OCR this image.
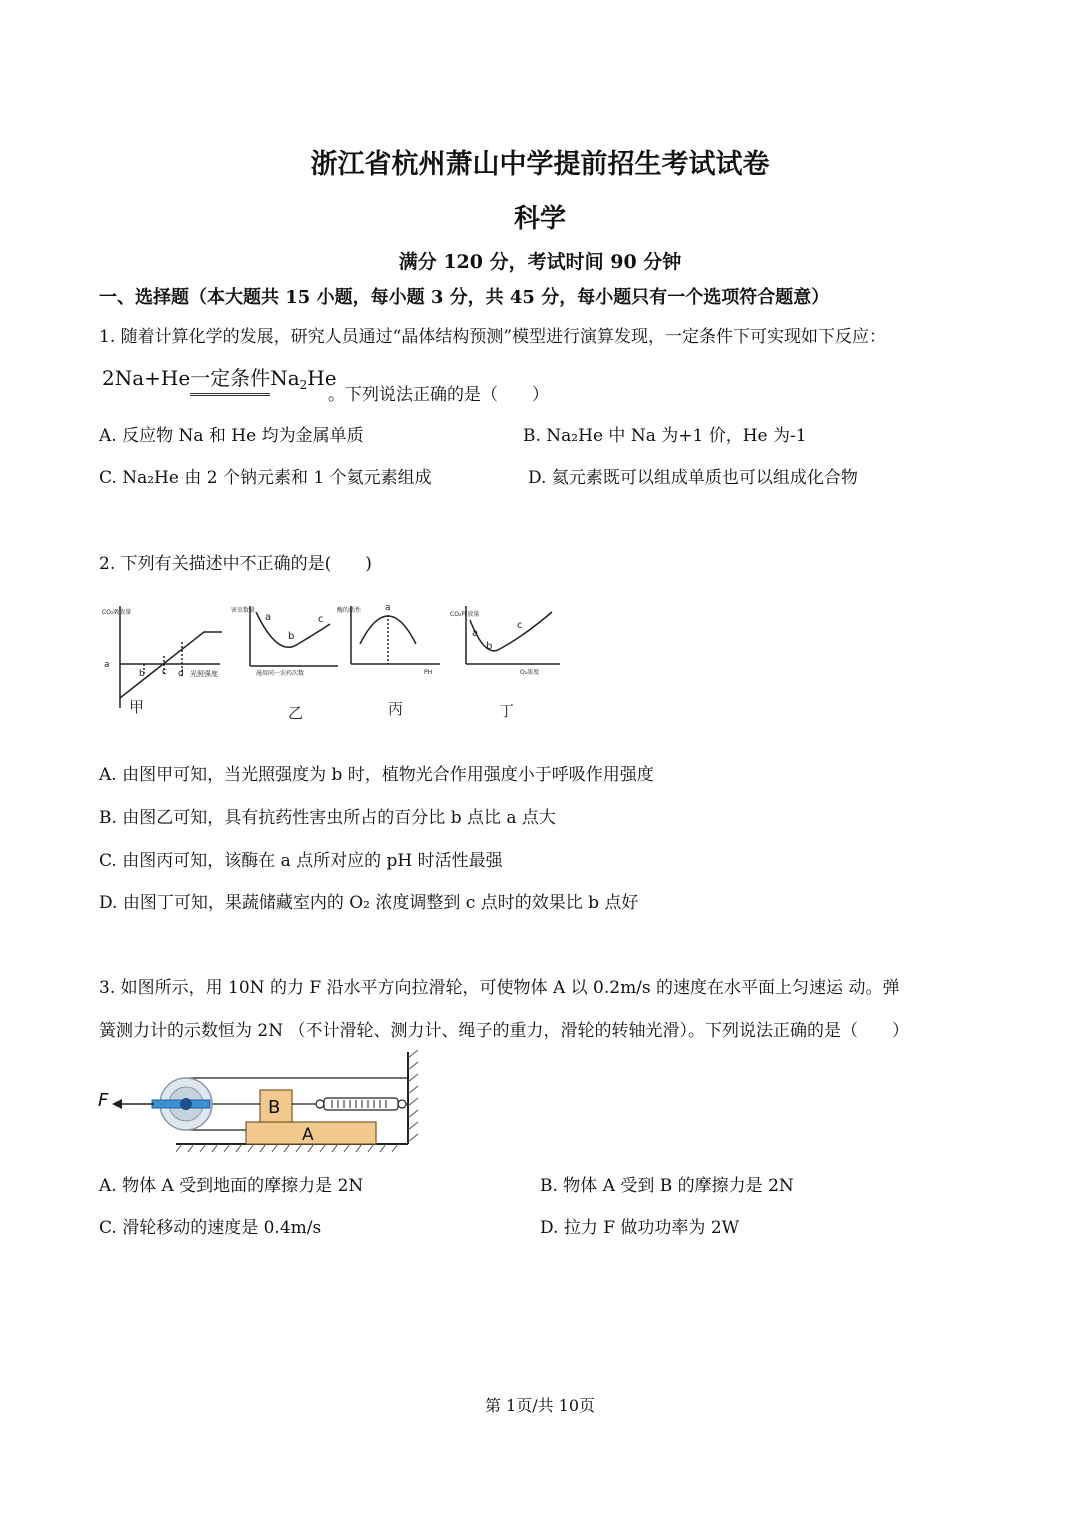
浙江省杭州萧山中学提前招生考试试卷
科学
满分 120 分，考试时间 90 分钟
一、选择题（本大题共 15 小题，每小题 3 分，共 45 分，每小题只有一个选项符合题意）
1. 随着计算化学的发展，研究人员通过“晶体结构预测”模型进行演算发现，一定条件下可实现如下反应：
2Na+He一定条件$Na_2He$
。下列说法正确的是（　　）
A. 反应物 Na 和 He 均为金属单质	B. Na₂He 中 Na 为+1 价，He 为-1
C. Na₂He 由 2 个钠元素和 1 个氦元素组成	D. 氦元素既可以组成单质也可以组成化合物
2. 下列有关描述中不正确的是(　　)
CO₂吸收量
a
b c d 光照强度
甲
害虫数量
a
b
c
施用同一农药次数
乙
酶的活性	a
PH
丙
CO₂释放量
a
b
c
O₂浓度
丁
A. 由图甲可知，当光照强度为 b 时，植物光合作用强度小于呼吸作用强度
B. 由图乙可知，具有抗药性害虫所占的百分比 b 点比 a 点大
C. 由图丙可知，该酶在 a 点所对应的 pH 时活性最强
D. 由图丁可知，果蔬储藏室内的 O₂ 浓度调整到 c 点时的效果比 b 点好
3. 如图所示，用 10N 的力 F 沿水平方向拉滑轮，可使物体 A 以 0.2m/s 的速度在水平面上匀速运 动。弹
簧测力计的示数恒为 2N （不计滑轮、测力计、绳子的重力，滑轮的转轴光滑）。下列说法正确的是（　　）
F	B
A
A. 物体 A 受到地面的摩擦力是 2N	B. 物体 A 受到 B 的摩擦力是 2N
C. 滑轮移动的速度是 0.4m/s	D. 拉力 F 做功功率为 2W
第 1页/共 10页
